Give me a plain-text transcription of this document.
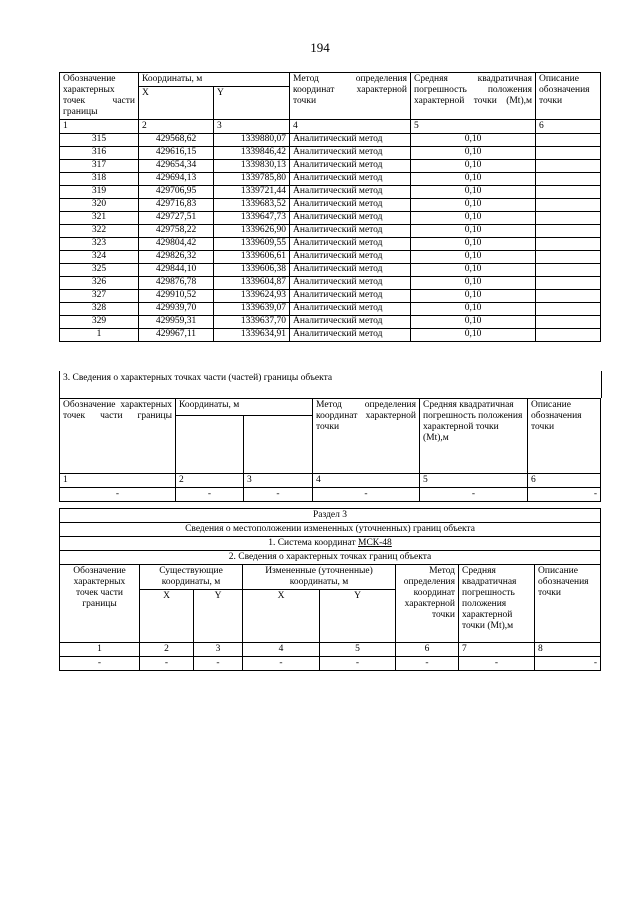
194
Обозначение характерных точек части границы	Координаты, м		Метод определения координат характерной точки	Средняя квадратичная погрешность положения характерной точки (Мt),м	Описание обозначения точки
	X	Y			
1	2	3	4	5	6
315	429568,62	1339880,07	Аналитический метод	0,10	
316	429616,15	1339846,42	Аналитический метод	0,10	
317	429654,34	1339830,13	Аналитический метод	0,10	
318	429694,13	1339785,80	Аналитический метод	0,10	
319	429706,95	1339721,44	Аналитический метод	0,10	
320	429716,83	1339683,52	Аналитический метод	0,10	
321	429727,51	1339647,73	Аналитический метод	0,10	
322	429758,22	1339626,90	Аналитический метод	0,10	
323	429804,42	1339609,55	Аналитический метод	0,10	
324	429826,32	1339606,61	Аналитический метод	0,10	
325	429844,10	1339606,38	Аналитический метод	0,10	
326	429876,78	1339604,87	Аналитический метод	0,10	
327	429910,52	1339624,93	Аналитический метод	0,10	
328	429939,70	1339639,07	Аналитический метод	0,10	
329	429959,31	1339637,70	Аналитический метод	0,10	
1	429967,11	1339634,91	Аналитический метод	0,10	
3. Сведения о характерных точках части (частей) границы объекта
Обозначение характерных точек части границы	Координаты, м		Метод определения координат характерной точки	Средняя квадратичная погрешность положения характерной точки (Мt),м	Описание обозначения точки

1	2	3	4	5	6
-	-	-	-	-	-
Раздел 3							
Сведения о местоположении измененных (уточненных) границ объекта							
1. Система координат МСК-48							
2. Сведения о характерных точках границ объекта							
Обозначение характерных точек части границы	Существующие координаты, м		Измененные (уточненные) координаты, м		Метод определения координат характерной точки	Средняя квадратичная погрешность положения характерной точки (Мt),м	Описание обозначения точки
	X	Y	X	Y			
1	2	3	4	5	6	7	8
-	-	-	-	-	-	-	-
